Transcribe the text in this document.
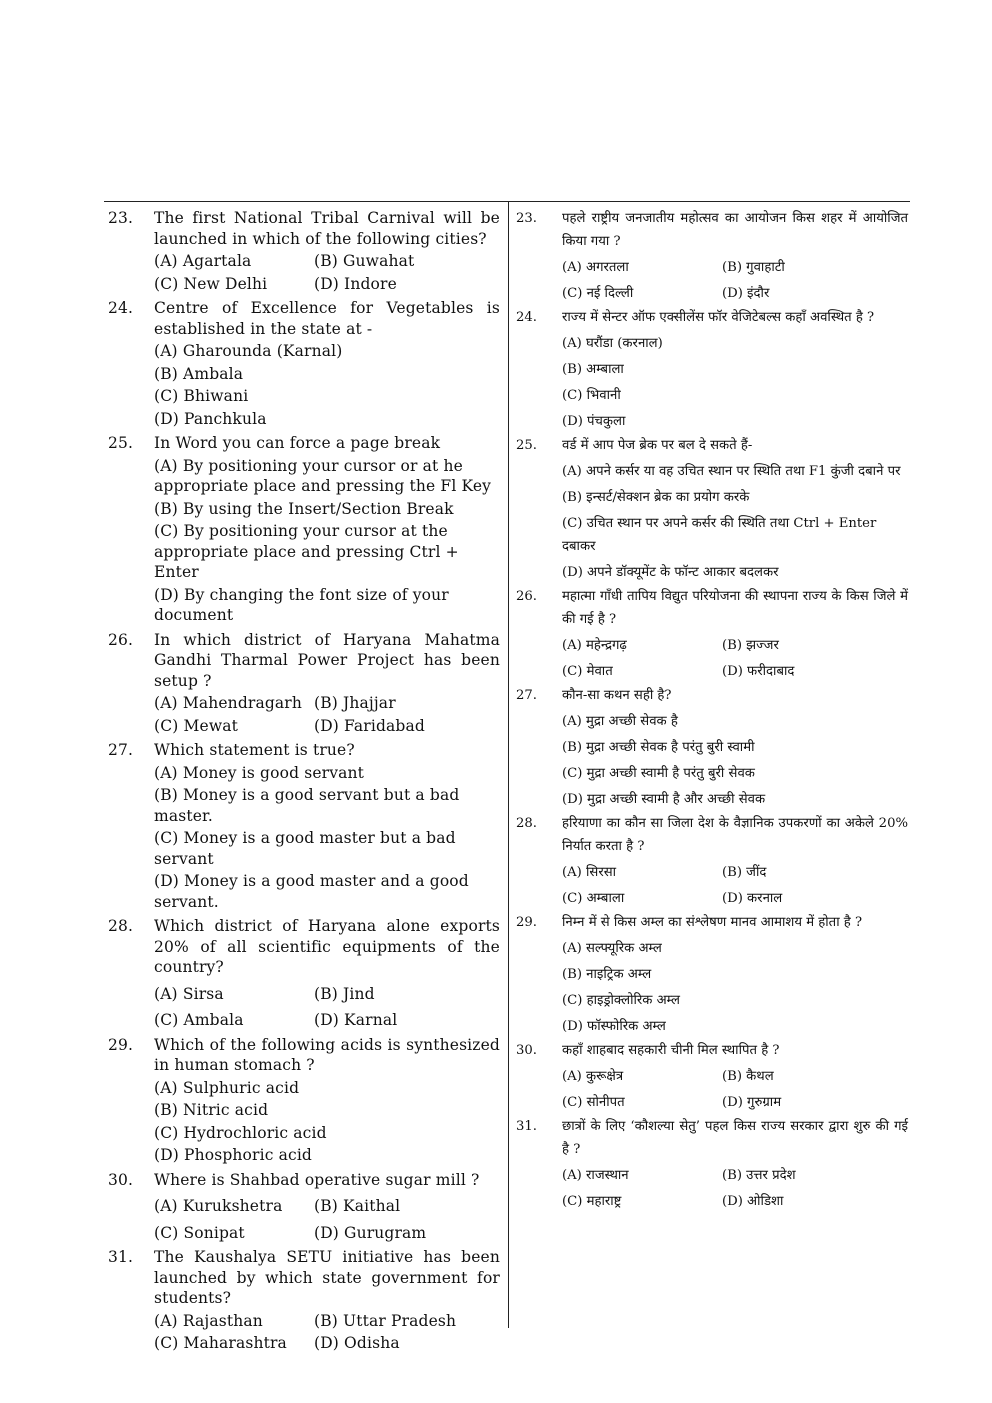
23.	The first National Tribal Carnival will be launched in which of the following cities?
(A) Agartala	(B) Guwahat
(C) New Delhi	(D) Indore
24.	Centre of Excellence for Vegetables is established in the state at -
(A) Gharounda (Karnal)
(B) Ambala
(C) Bhiwani
(D) Panchkula
25.	In Word you can force a page break
(A) By positioning your cursor or at he appropriate place and pressing the Fl Key
(B) By using the Insert/Section Break
(C) By positioning your cursor at the appropriate place and pressing Ctrl + Enter
(D) By changing the font size of your document
26.	In which district of Haryana Mahatma Gandhi Tharmal Power Project has been setup ?
(A) Mahendragarh (B) Jhajjar
(C) Mewat	(D) Faridabad
27.	Which statement is true?
(A) Money is good servant
(B) Money is a good servant but a bad master.
(C) Money is a good master but a bad servant
(D) Money is a good master and a good servant.
28.	Which district of Haryana alone exports 20% of all scientific equipments of the country?
(A) Sirsa	(B) Jind
(C) Ambala	(D) Karnal
29.	Which of the following acids is synthesized in human stomach ?
(A) Sulphuric acid
(B) Nitric acid
(C) Hydrochloric acid
(D) Phosphoric acid
30.	Where is Shahbad operative sugar mill ?
(A) Kurukshetra	(B) Kaithal
(C) Sonipat	(D) Gurugram
31.	The Kaushalya SETU initiative has been launched by which state government for students?
(A) Rajasthan	(B) Uttar Pradesh
(C) Maharashtra	(D) Odisha
23.	पहले राष्ट्रीय जनजातीय महोत्सव का आयोजन किस शहर में आयोजित किया गया ?
(A) अगरतला	(B) गुवाहाटी
(C) नई दिल्ली	(D) इंदौर
24.	राज्य में सेन्टर ऑफ एक्सीलेंस फॉर वेजिटेबल्स कहाँ अवस्थित है ?
(A) घरौंडा (करनाल)
(B) अम्बाला
(C) भिवानी
(D) पंचकुला
25.	वर्ड में आप पेज ब्रेक पर बल दे सकते हैं-
(A) अपने कर्सर या वह उचित स्थान पर स्थिति तथा F1 कुंजी दबाने पर
(B) इन्सर्ट/सेक्शन ब्रेक का प्रयोग करके
(C) उचित स्थान पर अपने कर्सर की स्थिति तथा Ctrl + Enter दबाकर
(D) अपने डॉक्यूमेंट के फॉन्ट आकार बदलकर
26.	महात्मा गाँधी तापिय विद्युत परियोजना की स्थापना राज्य के किस जिले में की गई है ?
(A) महेन्द्रगढ़	(B) झज्जर
(C) मेवात	(D) फरीदाबाद
27.	कौन-सा कथन सही है?
(A) मुद्रा अच्छी सेवक है
(B) मुद्रा अच्छी सेवक है परंतु बुरी स्वामी
(C) मुद्रा अच्छी स्वामी है परंतु बुरी सेवक
(D) मुद्रा अच्छी स्वामी है और अच्छी सेवक
28.	हरियाणा का कौन सा जिला देश के वैज्ञानिक उपकरणों का अकेले 20% निर्यात करता है ?
(A) सिरसा	(B) जींद
(C) अम्बाला	(D) करनाल
29.	निम्न में से किस अम्ल का संश्लेषण मानव आमाशय में होता है ?
(A) सल्फ्यूरिक अम्ल
(B) नाइट्रिक अम्ल
(C) हाइड्रोक्लोरिक अम्ल
(D) फॉस्फोरिक अम्ल
30.	कहाँ शाहबाद सहकारी चीनी मिल स्थापित है ?
(A) कुरूक्षेत्र	(B) कैथल
(C) सोनीपत	(D) गुरुग्राम
31.	छात्रों के लिए ‘कौशल्या सेतु’ पहल किस राज्य सरकार द्वारा शुरु की गई है ?
(A) राजस्थान	(B) उत्तर प्रदेश
(C) महाराष्ट्र	(D) ओडिशा
